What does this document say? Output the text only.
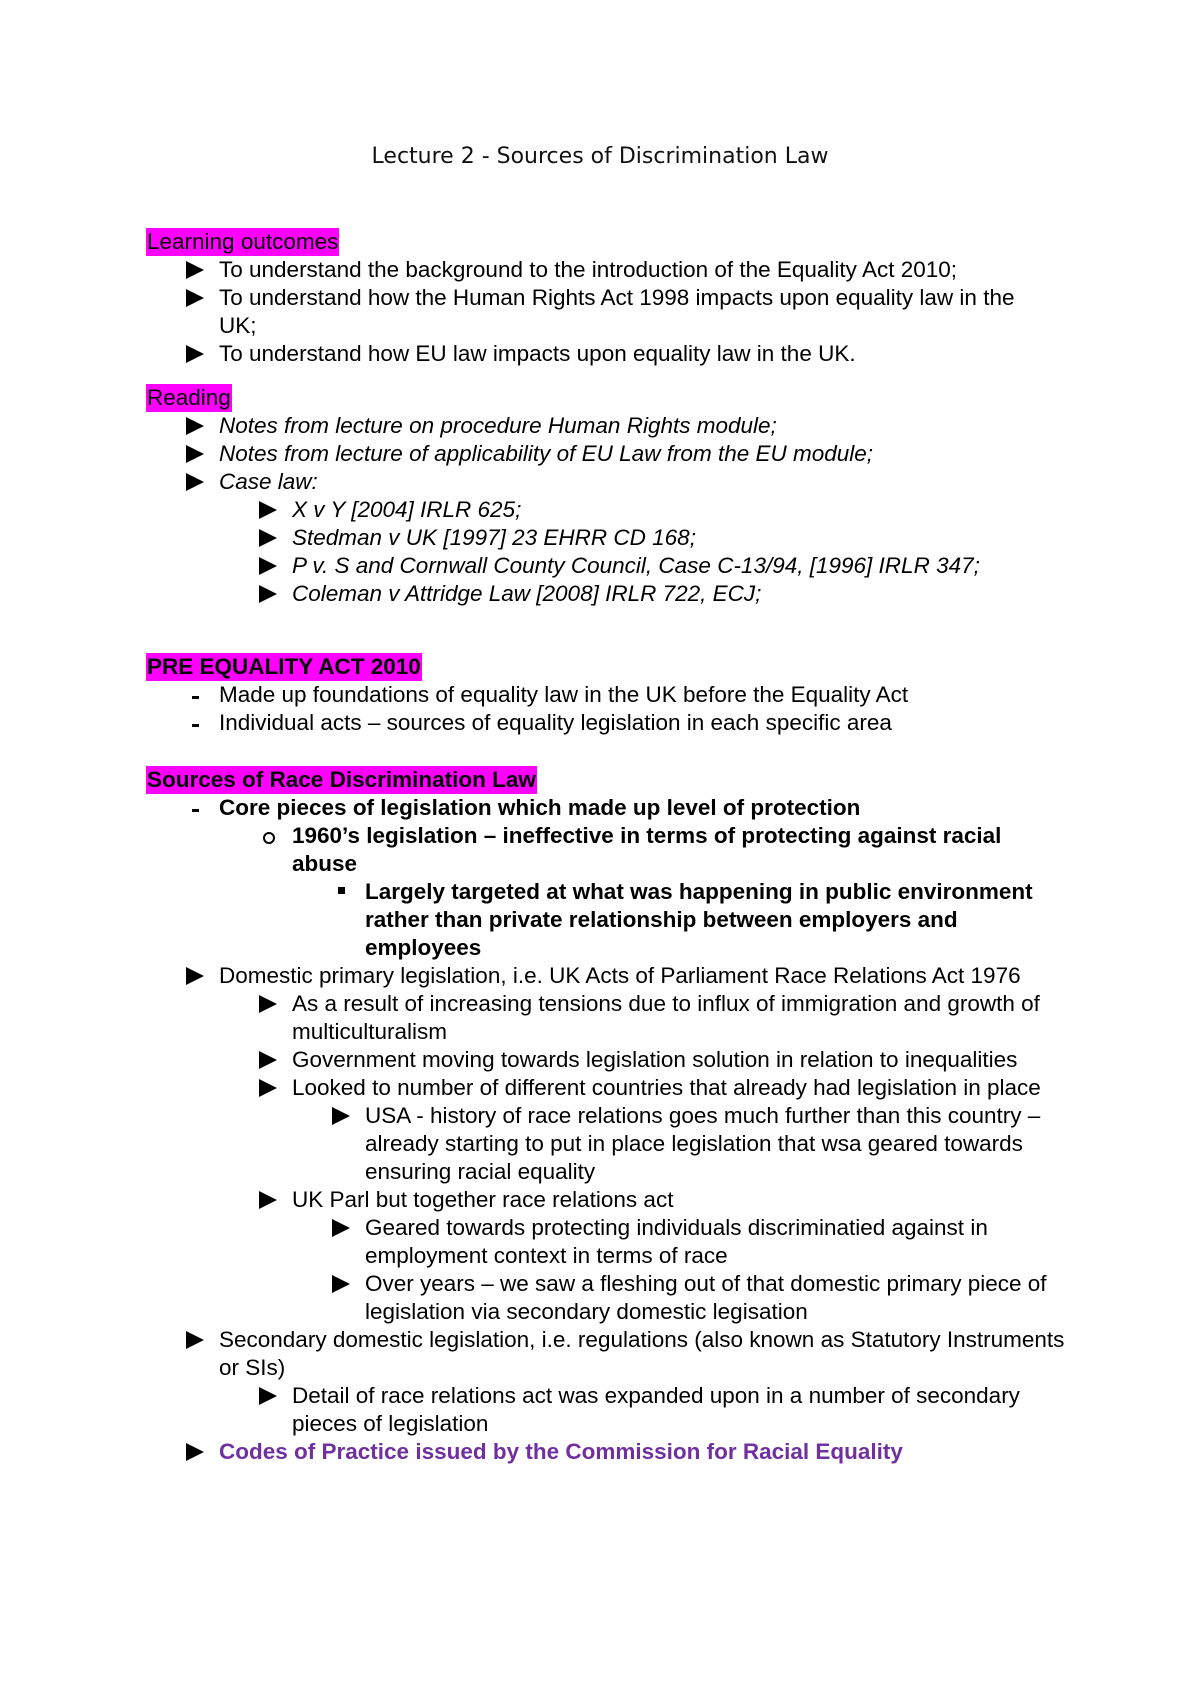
Lecture 2 - Sources of Discrimination Law
Learning outcomes
To understand the background to the introduction of the Equality Act 2010;
To understand how the Human Rights Act 1998 impacts upon equality law in the UK;
To understand how EU law impacts upon equality law in the UK.
Reading
Notes from lecture on procedure Human Rights module;
Notes from lecture of applicability of EU Law from the EU module;
Case law:
X v Y [2004] IRLR 625;
Stedman v UK [1997] 23 EHRR CD 168;
P v. S and Cornwall County Council, Case C-13/94, [1996] IRLR 347;
Coleman v Attridge Law [2008] IRLR 722, ECJ;
PRE EQUALITY ACT 2010
Made up foundations of equality law in the UK before the Equality Act
Individual acts – sources of equality legislation in each specific area
Sources of Race Discrimination Law
Core pieces of legislation which made up level of protection
1960’s legislation – ineffective in terms of protecting against racial abuse
Largely targeted at what was happening in public environment rather than private relationship between employers and employees
Domestic primary legislation, i.e. UK Acts of Parliament Race Relations Act 1976
As a result of increasing tensions due to influx of immigration and growth of multiculturalism
Government moving towards legislation solution in relation to inequalities
Looked to number of different countries that already had legislation in place
USA - history of race relations goes much further than this country – already starting to put in place legislation that wsa geared towards ensuring racial equality
UK Parl but together race relations act
Geared towards protecting individuals discriminatied against in employment context in terms of race
Over years – we saw a fleshing out of that domestic primary piece of legislation via secondary domestic legisation
Secondary domestic legislation, i.e. regulations (also known as Statutory Instruments or SIs)
Detail of race relations act was expanded upon in a number of secondary pieces of legislation
Codes of Practice issued by the Commission for Racial Equality
